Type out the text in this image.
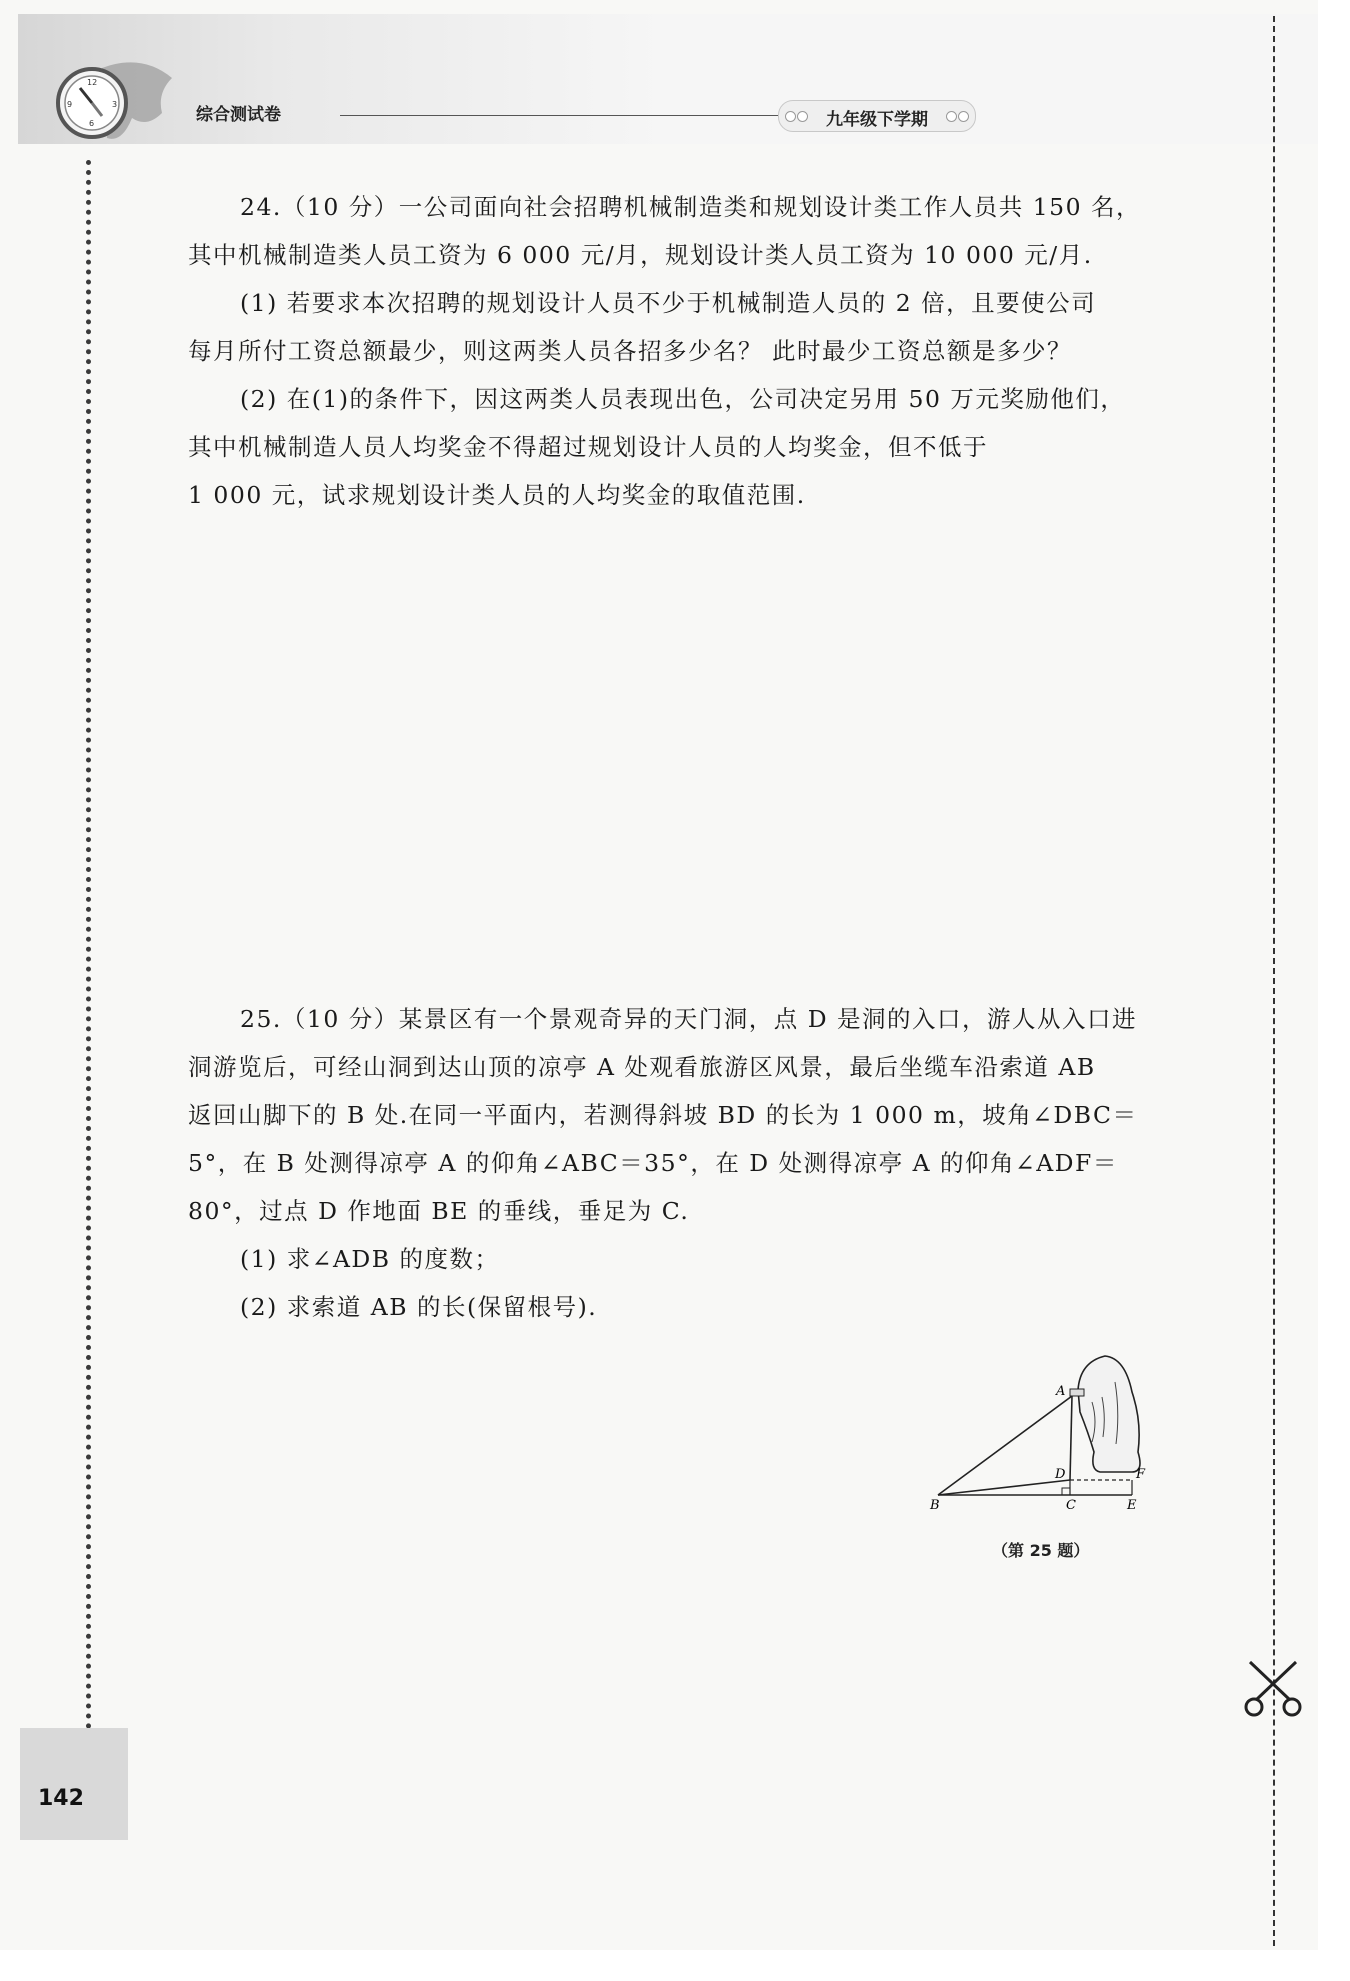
12
3
6
9
综合测试卷	九年级下学期
142
24.（10 分）一公司面向社会招聘机械制造类和规划设计类工作人员共 150 名，
其中机械制造类人员工资为 6 000 元/月，规划设计类人员工资为 10 000 元/月.
(1) 若要求本次招聘的规划设计人员不少于机械制造人员的 2 倍，且要使公司
每月所付工资总额最少，则这两类人员各招多少名？ 此时最少工资总额是多少？
(2) 在(1)的条件下，因这两类人员表现出色，公司决定另用 50 万元奖励他们，
其中机械制造人员人均奖金不得超过规划设计人员的人均奖金，但不低于
1 000 元，试求规划设计类人员的人均奖金的取值范围.
25.（10 分）某景区有一个景观奇异的天门洞，点 D 是洞的入口，游人从入口进
洞游览后，可经山洞到达山顶的凉亭 A 处观看旅游区风景，最后坐缆车沿索道 AB
返回山脚下的 B 处.在同一平面内，若测得斜坡 BD 的长为 1 000 m，坡角∠DBC＝
5°，在 B 处测得凉亭 A 的仰角∠ABC＝35°，在 D 处测得凉亭 A 的仰角∠ADF＝
80°，过点 D 作地面 BE 的垂线，垂足为 C.
(1) 求∠ADB 的度数；
(2) 求索道 AB 的长(保留根号).
A
B	C
D
E
F
（第 25 题）
